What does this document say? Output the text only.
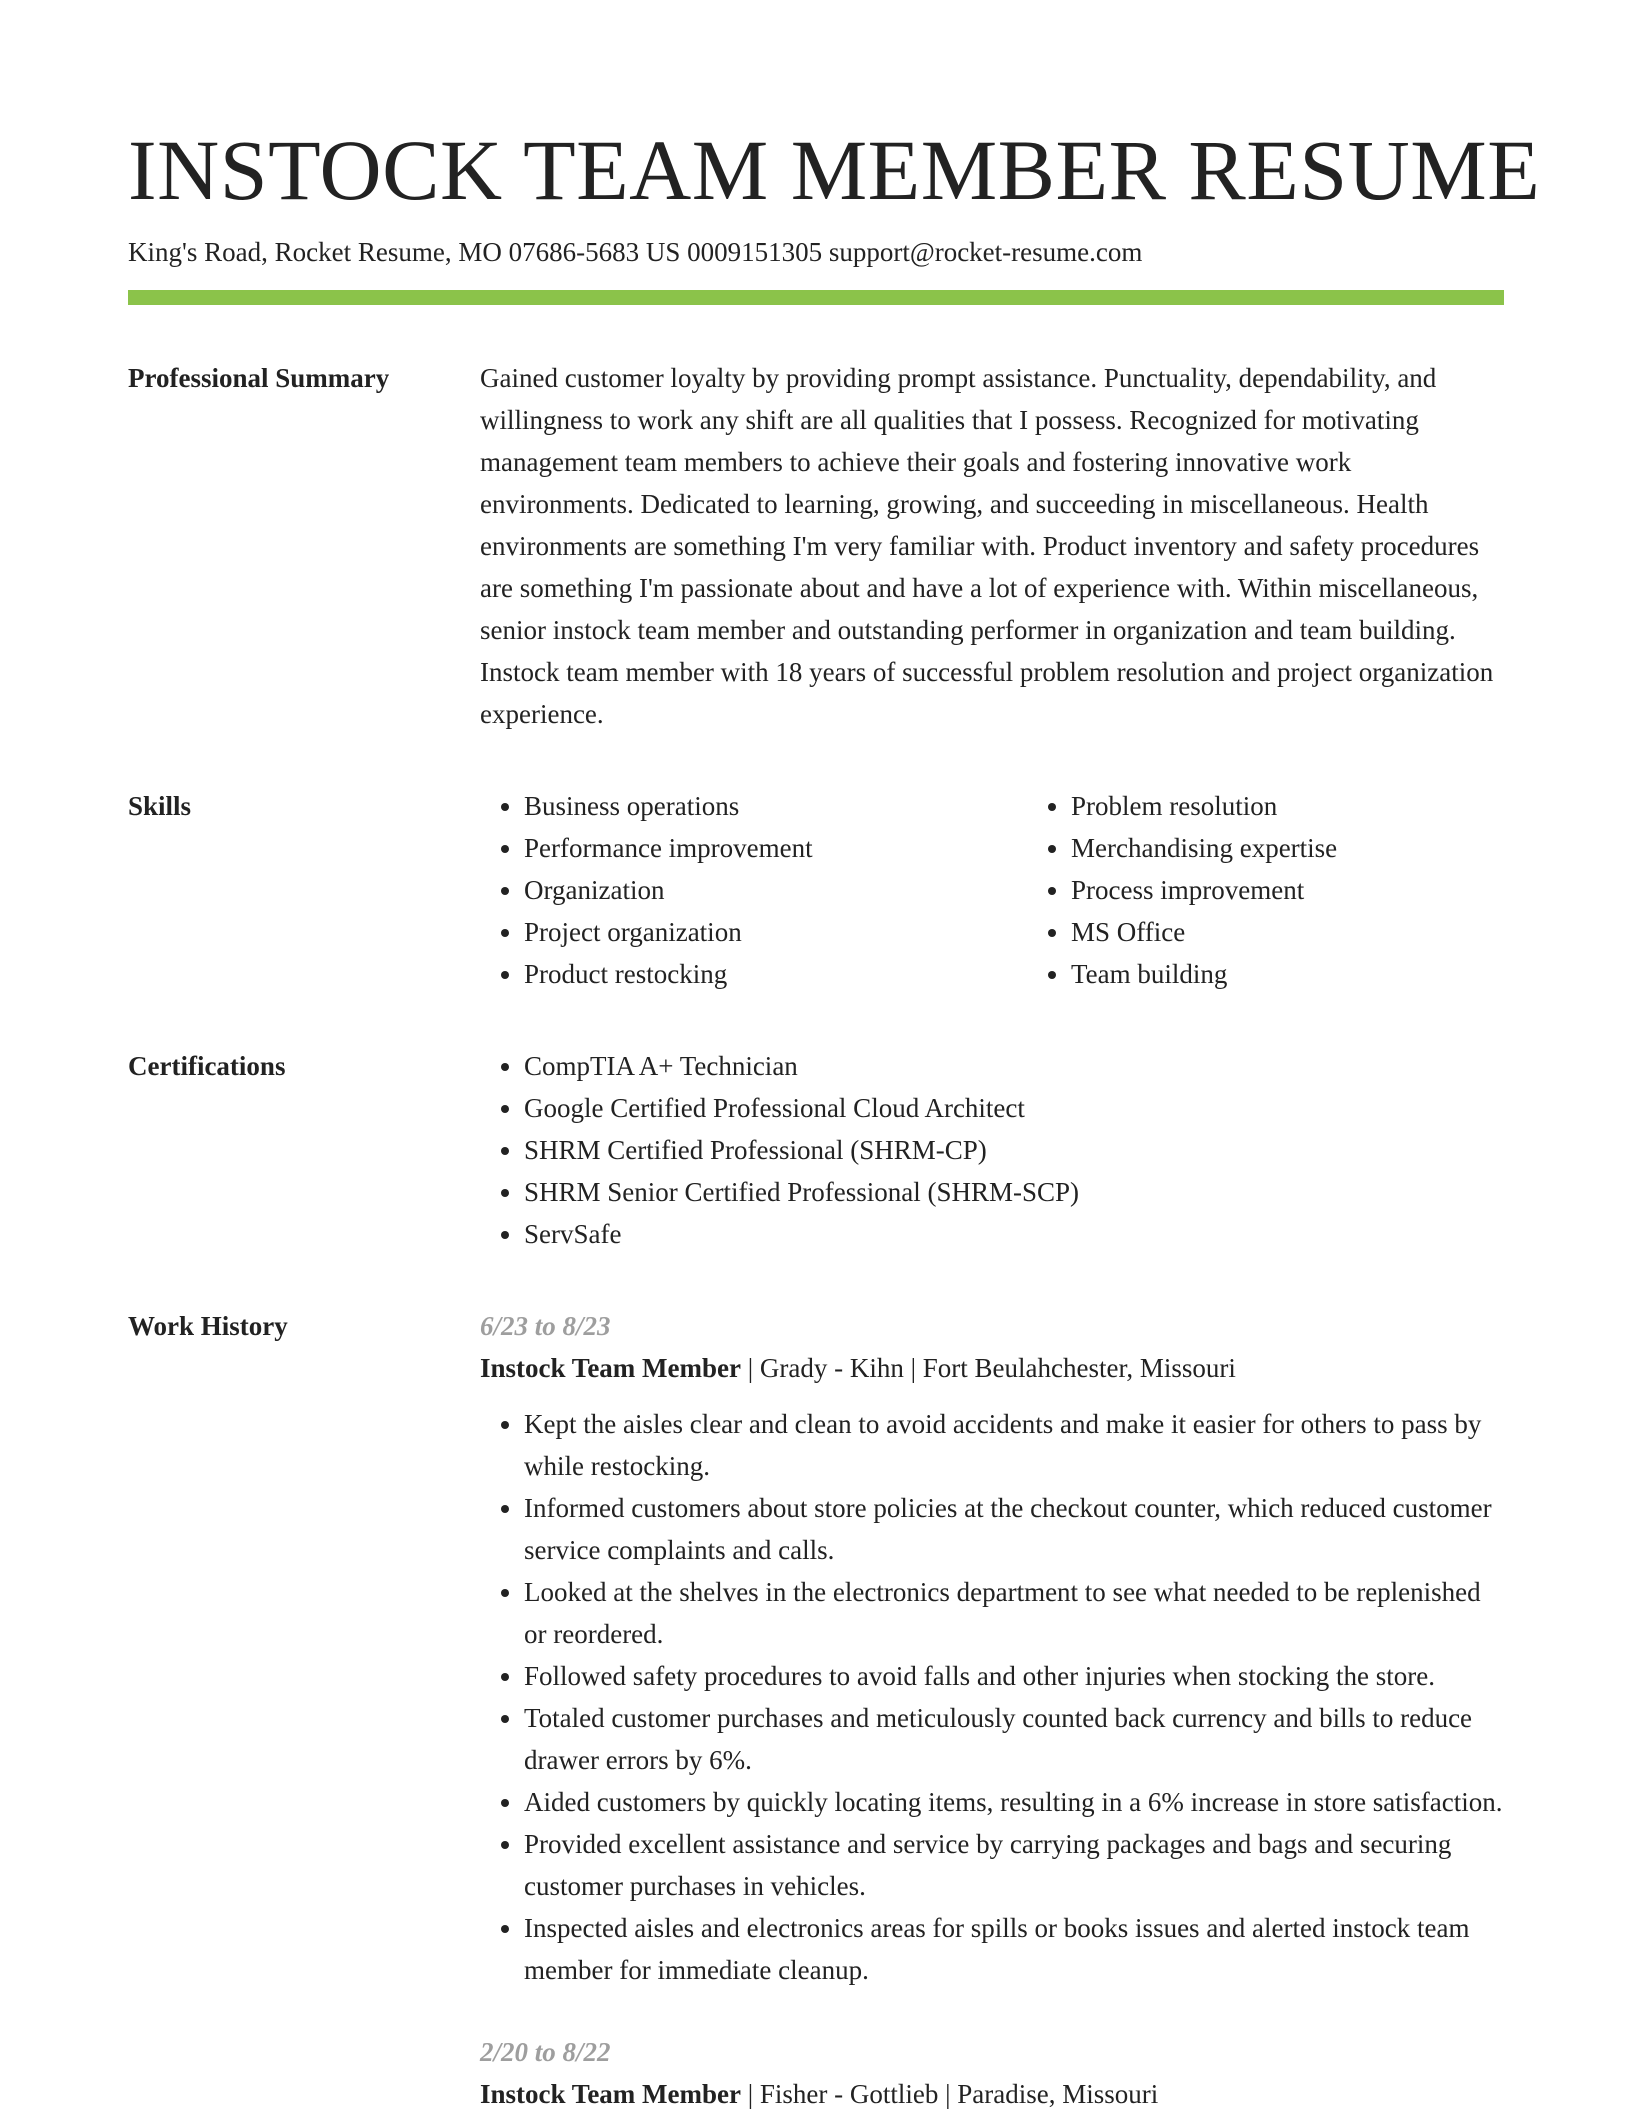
INSTOCK TEAM MEMBER RESUME
King's Road, Rocket Resume, MO 07686-5683 US 0009151305 support@rocket-resume.com
Professional Summary	Gained customer loyalty by providing prompt assistance. Punctuality, dependability, and willingness to work any shift are all qualities that I possess. Recognized for motivating management team members to achieve their goals and fostering innovative work environments. Dedicated to learning, growing, and succeeding in miscellaneous. Health environments are something I'm very familiar with. Product inventory and safety procedures are something I'm passionate about and have a lot of experience with. Within miscellaneous, senior instock team member and outstanding performer in organization and team building. Instock team member with 18 years of successful problem resolution and project organization experience.

Skills	• Business operations
• Performance improvement
• Organization
• Project organization
• Product restocking
• Problem resolution
• Merchandising expertise
• Process improvement
• MS Office
• Team building
Certifications	• CompTIA A+ Technician
• Google Certified Professional Cloud Architect
• SHRM Certified Professional (SHRM-CP)
• SHRM Senior Certified Professional (SHRM-SCP)
• ServSafe
Work History	6/23 to 8/23
Instock Team Member | Grady - Kihn | Fort Beulahchester, Missouri
• Kept the aisles clear and clean to avoid accidents and make it easier for others to pass by while restocking.
• Informed customers about store policies at the checkout counter, which reduced customer service complaints and calls.
• Looked at the shelves in the electronics department to see what needed to be replenished or reordered.
• Followed safety procedures to avoid falls and other injuries when stocking the store.
• Totaled customer purchases and meticulously counted back currency and bills to reduce drawer errors by 6%.
• Aided customers by quickly locating items, resulting in a 6% increase in store satisfaction.
• Provided excellent assistance and service by carrying packages and bags and securing customer purchases in vehicles.
• Inspected aisles and electronics areas for spills or books issues and alerted instock team member for immediate cleanup.
2/20 to 8/22
Instock Team Member | Fisher - Gottlieb | Paradise, Missouri
